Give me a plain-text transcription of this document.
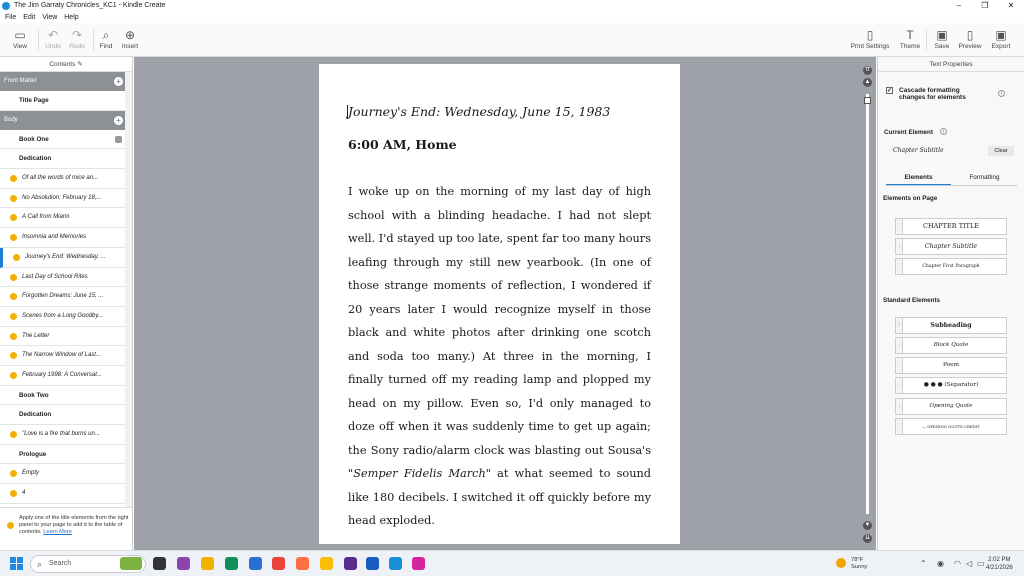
The Jim Garraty Chronicles_KC1 - Kindle Create	–	❐	✕
File Edit View Help
▭
View
↶
Undo
↷
Redo
⌕
Find
⊕
Insert
▯
Print Settings
T
Theme
▣
Save
▯
Preview
▣
Export
Contents ✎
Front Matter	+
Title Page
Body	+
Book One
Dedication
Of all the words of mice an...
No Absolution: February 18,...
A Call from Miami
Insomnia and Memories
Journey's End: Wednesday, ...
Last Day of School Rites
Forgotten Dreams: June 15, ...
Scenes from a Long Goodby...
The Letter
The Narrow Window of Last...
February 1998: A Conversat...
Book Two
Dedication
"Love is a fire that burns un...
Prologue
Empty
4
Apply one of the title elements from the right panel to your page to add it to the table of contents. Learn More
Journey's End: Wednesday, June 15, 1983
6:00 AM, Home
I woke up on the morning of my last day of high school with a blinding headache. I had not slept well. I'd stayed up too late, spent far too many hours leafing through my still new yearbook. (In one of those strange moments of reflection, I wondered if 20 years later I would recognize myself in those black and white photos after drinking one scotch and soda too many.) At three in the morning, I finally turned off my reading lamp and plopped my head on my pillow. Even so, I'd only managed to doze off when it was suddenly time to get up again; the Sony radio/alarm clock was blasting out Sousa's "Semper Fidelis March" at what seemed to sound like 180 decibels. I switched it off quickly before my head exploded.
⇈
▲
▼
⇊
Text Properties
✓ Cascade formatting changes for elements	i
Current Element	i
Chapter Subtitle	Clear
Elements	Formatting
Elements on Page
⋮	CHAPTER TITLE
⋮	Chapter Subtitle
⋮	Chapter First Paragraph
Standard Elements
⋮	Subheading
⋮	Block Quote
⋮	Poem
⋮	● ● ● (Separator)
⋮	Opening Quote
⋮	— OPENING QUOTE CREDIT
⌕ Search	78°F
Sunny	⌃ ◉ ◠ ◁ ▭ 2:02 PM
4/21/2026
